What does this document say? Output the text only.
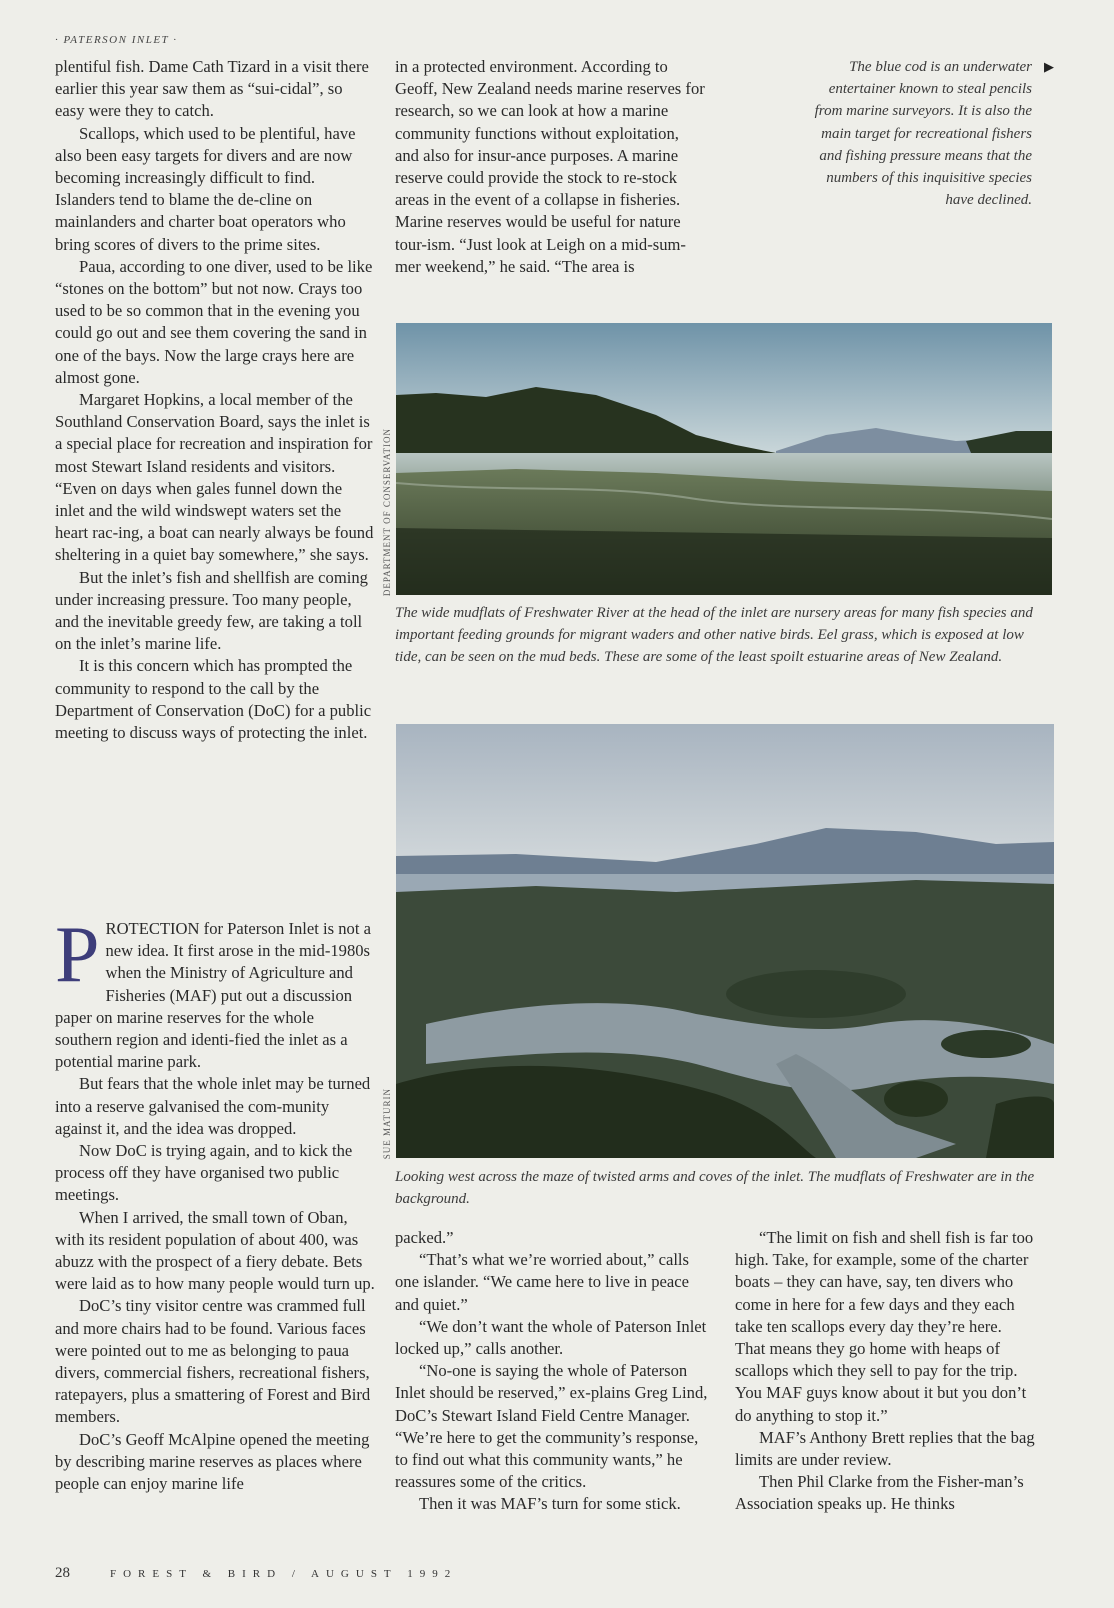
· PATERSON INLET ·

plentiful fish. Dame Cath Tizard in a visit there earlier this year saw them as “sui-cidal”, so easy were they to catch.

Scallops, which used to be plentiful, have also been easy targets for divers and are now becoming increasingly difficult to find. Islanders tend to blame the de-cline on mainlanders and charter boat operators who bring scores of divers to the prime sites.

Paua, according to one diver, used to be like “stones on the bottom” but not now. Crays too used to be so common that in the evening you could go out and see them covering the sand in one of the bays. Now the large crays here are almost gone.

Margaret Hopkins, a local member of the Southland Conservation Board, says the inlet is a special place for recreation and inspiration for most Stewart Island residents and visitors. “Even on days when gales funnel down the inlet and the wild windswept waters set the heart rac-ing, a boat can nearly always be found sheltering in a quiet bay somewhere,” she says.

But the inlet’s fish and shellfish are coming under increasing pressure. Too many people, and the inevitable greedy few, are taking a toll on the inlet’s marine life.

It is this concern which has prompted the community to respond to the call by the Department of Conservation (DoC) for a public meeting to discuss ways of protecting the inlet.

PROTECTION for Paterson Inlet is not a new idea. It first arose in the mid-1980s when the Ministry of Agriculture and Fisheries (MAF) put out a discussion paper on marine reserves for the whole southern region and identi-fied the inlet as a potential marine park.

But fears that the whole inlet may be turned into a reserve galvanised the com-munity against it, and the idea was dropped.

Now DoC is trying again, and to kick the process off they have organised two public meetings.

When I arrived, the small town of Oban, with its resident population of about 400, was abuzz with the prospect of a fiery debate. Bets were laid as to how many people would turn up.

DoC’s tiny visitor centre was crammed full and more chairs had to be found. Various faces were pointed out to me as belonging to paua divers, commercial fishers, recreational fishers, ratepayers, plus a smattering of Forest and Bird members.

DoC’s Geoff McAlpine opened the meeting by describing marine reserves as places where people can enjoy marine life

in a protected environment. According to Geoff, New Zealand needs marine reserves for research, so we can look at how a marine community functions without exploitation, and also for insur-ance purposes. A marine reserve could provide the stock to re-stock areas in the event of a collapse in fisheries. Marine reserves would be useful for nature tour-ism. “Just look at Leigh on a mid-sum-mer weekend,” he said. “The area is

The blue cod is an underwater entertainer known to steal pencils from marine surveyors. It is also the main target for recreational fishers and fishing pressure means that the numbers of this inquisitive species have declined.
▶
DEPARTMENT OF CONSERVATION
The wide mudflats of Freshwater River at the head of the inlet are nursery areas for many fish species and important feeding grounds for migrant waders and other native birds. Eel grass, which is exposed at low tide, can be seen on the mud beds. These are some of the least spoilt estuarine areas of New Zealand.
SUE MATURIN
Looking west across the maze of twisted arms and coves of the inlet. The mudflats of Freshwater are in the background.

packed.”

“That’s what we’re worried about,” calls one islander. “We came here to live in peace and quiet.”

“We don’t want the whole of Paterson Inlet locked up,” calls another.

“No-one is saying the whole of Paterson Inlet should be reserved,” ex-plains Greg Lind, DoC’s Stewart Island Field Centre Manager. “We’re here to get the community’s response, to find out what this community wants,” he reassures some of the critics.

Then it was MAF’s turn for some stick.

“The limit on fish and shell fish is far too high. Take, for example, some of the charter boats – they can have, say, ten divers who come in here for a few days and they each take ten scallops every day they’re here. That means they go home with heaps of scallops which they sell to pay for the trip. You MAF guys know about it but you don’t do anything to stop it.”

MAF’s Anthony Brett replies that the bag limits are under review.

Then Phil Clarke from the Fisher-man’s Association speaks up. He thinks

28	FOREST & BIRD / AUGUST 1992
